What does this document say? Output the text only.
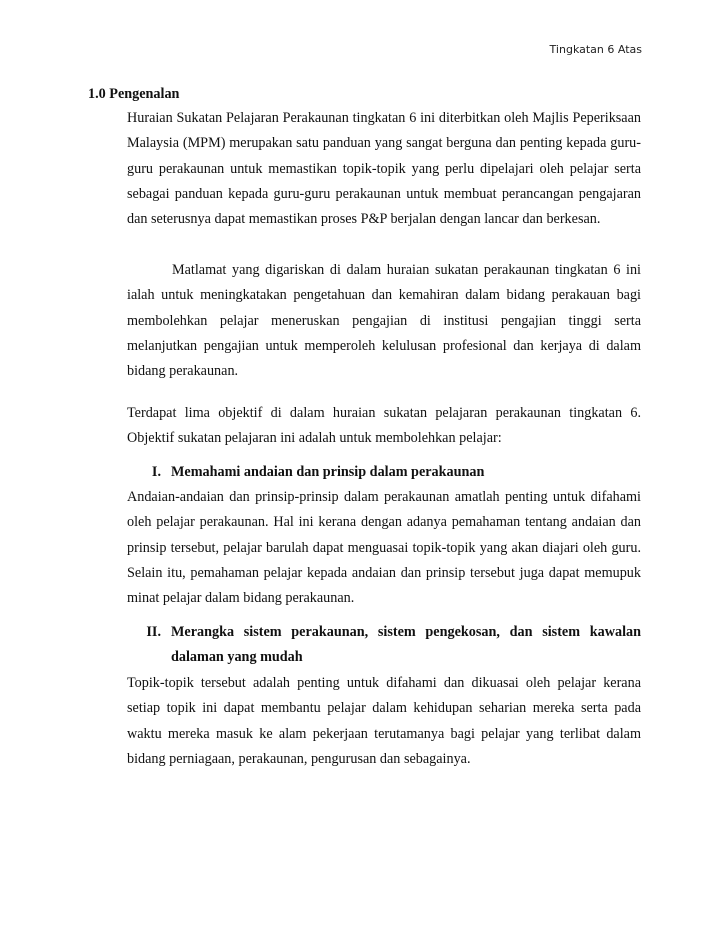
Tingkatan 6 Atas
1.0 Pengenalan

Huraian Sukatan Pelajaran Perakaunan tingkatan 6 ini diterbitkan oleh Majlis Peperiksaan Malaysia (MPM) merupakan satu panduan yang sangat berguna dan penting kepada guru-guru perakaunan untuk memastikan topik-topik yang perlu dipelajari oleh pelajar serta sebagai panduan kepada guru-guru perakaunan untuk membuat perancangan pengajaran dan seterusnya dapat memastikan proses P&P berjalan dengan lancar dan berkesan.

Matlamat yang digariskan di dalam huraian sukatan perakaunan tingkatan 6 ini ialah untuk meningkatakan pengetahuan dan kemahiran dalam bidang perakauan bagi membolehkan pelajar meneruskan pengajian di institusi pengajian tinggi serta melanjutkan pengajian untuk memperoleh kelulusan profesional dan kerjaya di dalam bidang perakaunan.

Terdapat lima objektif di dalam huraian sukatan pelajaran perakaunan tingkatan 6. Objektif sukatan pelajaran ini adalah untuk membolehkan pelajar:

I. Memahami andaian dan prinsip dalam perakaunan

Andaian-andaian dan prinsip-prinsip dalam perakaunan amatlah penting untuk difahami oleh pelajar perakaunan. Hal ini kerana dengan adanya pemahaman tentang andaian dan prinsip tersebut, pelajar barulah dapat menguasai topik-topik yang akan diajari oleh guru. Selain itu, pemahaman pelajar kepada andaian dan prinsip tersebut juga dapat memupuk minat pelajar dalam bidang perakaunan.

II. Merangka sistem perakaunan, sistem pengekosan, dan sistem kawalan dalaman yang mudah

Topik-topik tersebut adalah penting untuk difahami dan dikuasai oleh pelajar kerana setiap topik ini dapat membantu pelajar dalam kehidupan seharian mereka serta pada waktu mereka masuk ke alam pekerjaan terutamanya bagi pelajar yang terlibat dalam bidang perniagaan, perakaunan, pengurusan dan sebagainya.
